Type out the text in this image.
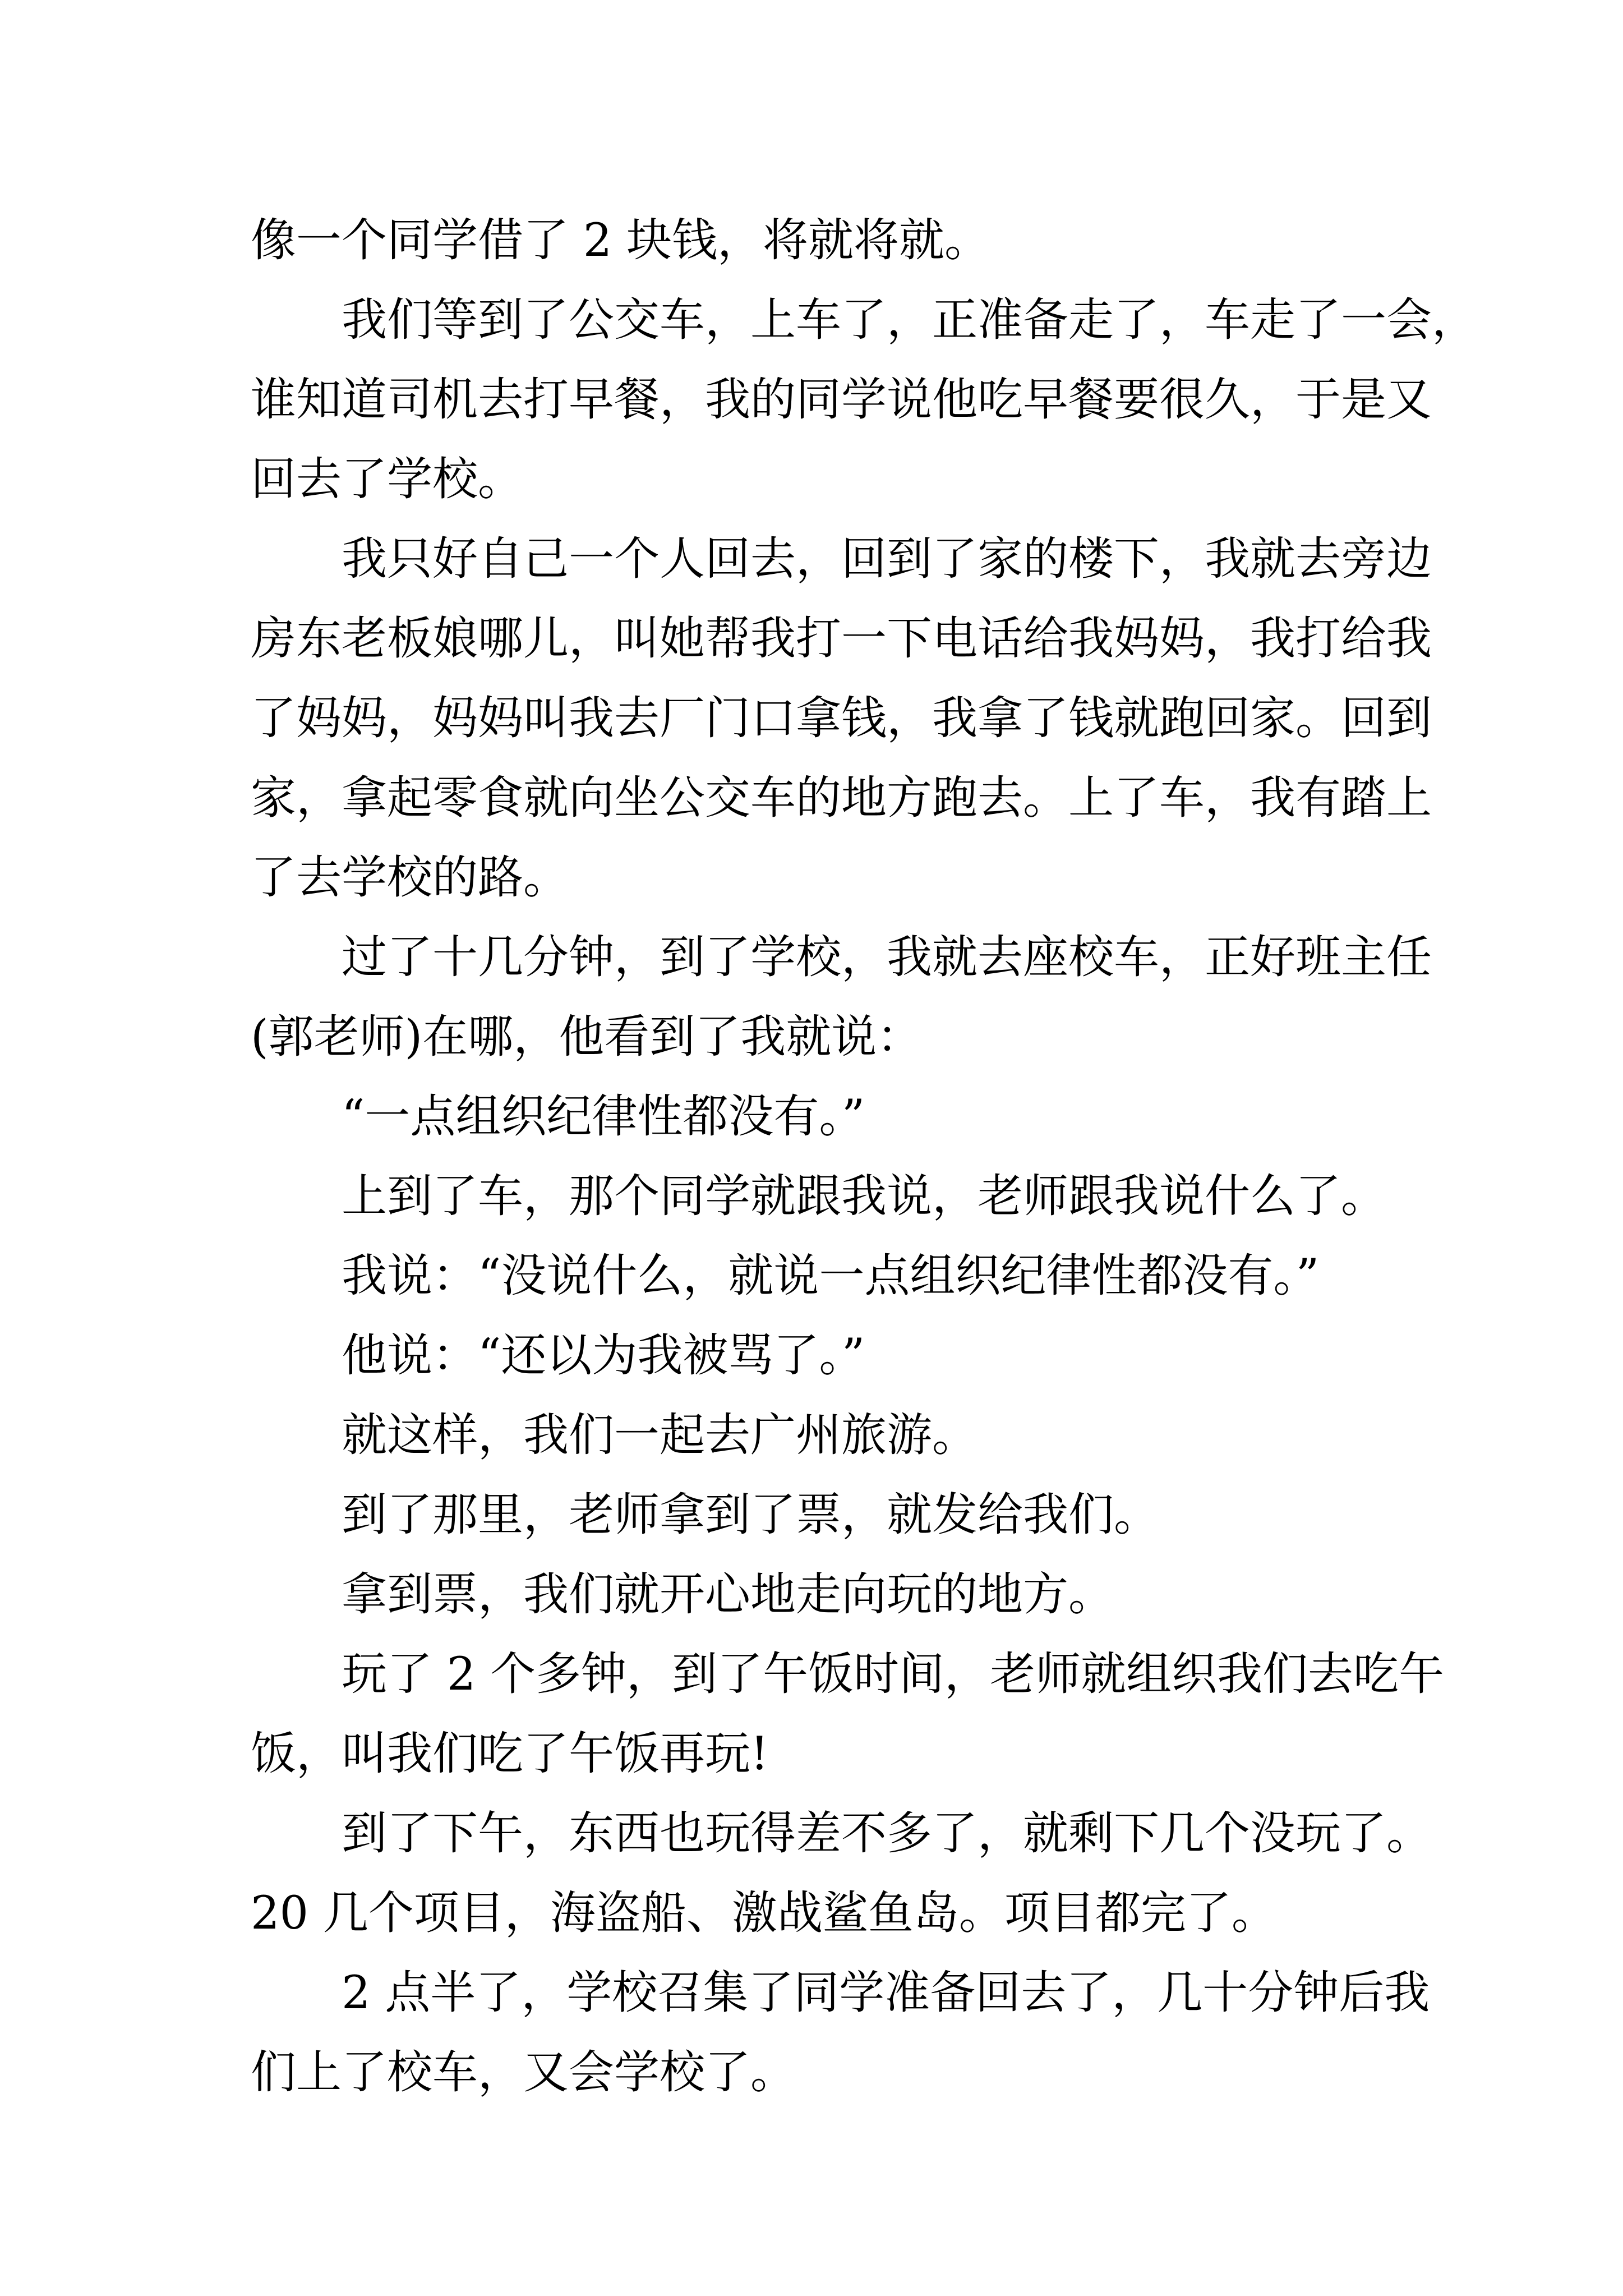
像一个同学借了 2 块钱，将就将就。
我们等到了公交车，上车了，正准备走了，车走了一会，
谁知道司机去打早餐，我的同学说他吃早餐要很久，于是又
回去了学校。
我只好自己一个人回去，回到了家的楼下，我就去旁边
房东老板娘哪儿，叫她帮我打一下电话给我妈妈，我打给我
了妈妈，妈妈叫我去厂门口拿钱，我拿了钱就跑回家。回到
家，拿起零食就向坐公交车的地方跑去。上了车，我有踏上
了去学校的路。
过了十几分钟，到了学校，我就去座校车，正好班主任
(郭老师)在哪，他看到了我就说：
“一点组织纪律性都没有。”
上到了车，那个同学就跟我说，老师跟我说什么了。
我说：“没说什么，就说一点组织纪律性都没有。”
他说：“还以为我被骂了。”
就这样，我们一起去广州旅游。
到了那里，老师拿到了票，就发给我们。
拿到票，我们就开心地走向玩的地方。
玩了 2 个多钟，到了午饭时间，老师就组织我们去吃午
饭，叫我们吃了午饭再玩!
到了下午，东西也玩得差不多了，就剩下几个没玩了。
20 几个项目，海盗船、激战鲨鱼岛。项目都完了。
2 点半了，学校召集了同学准备回去了，几十分钟后我
们上了校车，又会学校了。
